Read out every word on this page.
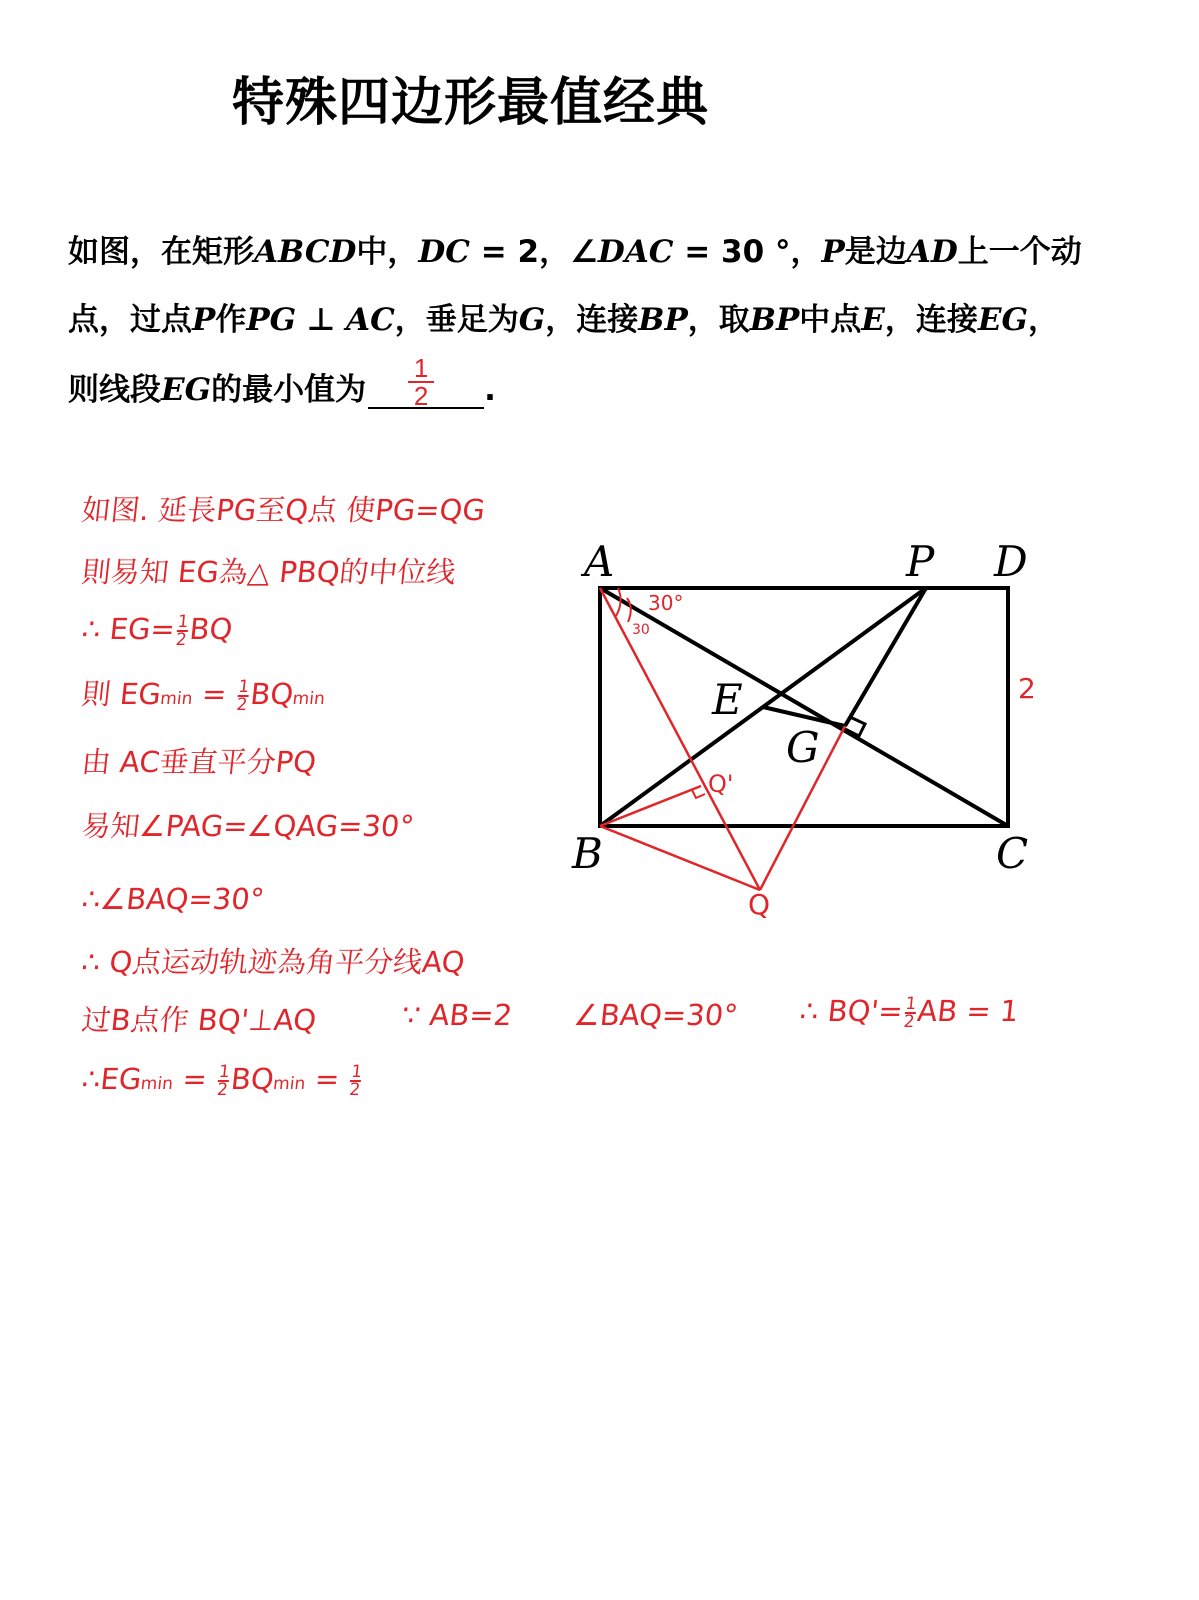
特殊四边形最值经典
如图，在矩形ABCD中，DC = 2，∠DAC = 30 °，P是边AD上一个动
点，过点P作PG ⊥ AC，垂足为G，连接BP，取BP中点E，连接EG，
则线段EG的最小值为 $\frac{1}{2}$ .
如图. 延長PG至Q点 使PG=QG
則易知 EG為△ PBQ的中位线
∴ EG=
$\frac{1}{2}$
BQ
則 EGmin =
$\frac{1}{2}$
BQmin
由 AC垂直平分PQ
易知∠PAG=∠QAG=30°
∴∠BAQ=30°
∴ Q点运动轨迹為角平分线AQ
过B点作 BQ'⊥AQ	∵ AB=2 ∠BAQ=30° ∴ BQ'=
$\frac{1}{2}$
AB = 1
∴EGmin =
$\frac{1}{2}$
BQmin =
$\frac{1}{2}$
A	P D
B	C
E
G
Q
Q'
2
30°
30
